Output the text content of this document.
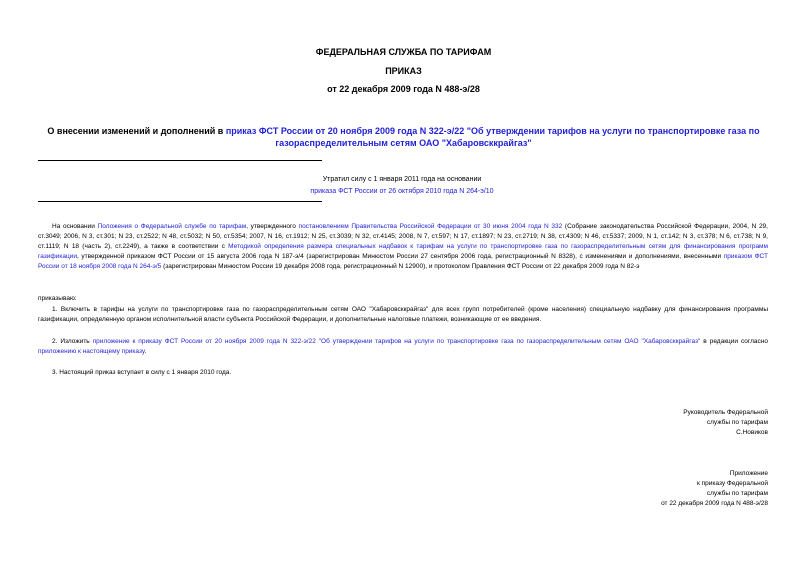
ФЕДЕРАЛЬНАЯ СЛУЖБА ПО ТАРИФАМ
ПРИКАЗ
от 22 декабря 2009 года N 488-э/28
О внесении изменений и дополнений в приказ ФСТ России от 20 ноября 2009 года N 322-э/22 "Об утверждении тарифов на услуги по транспортировке газа по газораспределительным сетям ОАО "Хабаровсккрайгаз"
Утратил силу с 1 января 2011 года на основании
приказа ФСТ России от 26 октября 2010 года N 264-э/10
На основании Положения о Федеральной службе по тарифам, утвержденного постановлением Правительства Российской Федерации от 30 июня 2004 года N 332 (Собрание законодательства Российской Федерации, 2004, N 29, ст.3049; 2006, N 3, ст.301; N 23, ст.2522; N 48, ст.5032; N 50, ст.5354; 2007, N 16, ст.1912; N 25, ст.3039; N 32, ст.4145; 2008, N 7, ст.597; N 17, ст.1897; N 23, ст.2719; N 38, ст.4309; N 46, ст.5337; 2009, N 1, ст.142; N 3, ст.378; N 6, ст.738; N 9, ст.1119; N 18 (часть 2), ст.2249), а также в соответствии с Методикой определения размера специальных надбавок к тарифам на услуги по транспортировке газа по газораспределительным сетям для финансирования программ газификации, утвержденной приказом ФСТ России от 15 августа 2006 года N 187-э/4 (зарегистрирован Минюстом России 27 сентября 2006 года, регистрационный N 8328), с изменениями и дополнениями, внесенными приказом ФСТ России от 18 ноября 2008 года N 264-э/5 (зарегистрирован Минюстом России 19 декабря 2008 года, регистрационный N 12900), и протоколом Правления ФСТ России от 22 декабря 2009 года N 82-э
приказываю:
1. Включить в тарифы на услуги по транспортировке газа по газораспределительным сетям ОАО "Хабаровсккрайгаз" для всех групп потребителей (кроме населения) специальную надбавку для финансирования программы газификации, определенную органом исполнительной власти субъекта Российской Федерации, и дополнительные налоговые платежи, возникающие от ее введения.
2. Изложить приложение к приказу ФСТ России от 20 ноября 2009 года N 322-э/22 "Об утверждении тарифов на услуги по транспортировке газа по газораспределительным сетям ОАО "Хабаровсккрайгаз" в редакции согласно приложению к настоящему приказу.
3. Настоящий приказ вступает в силу с 1 января 2010 года.
Руководитель Федеральной
службы по тарифам
С.Новиков
Приложение
к приказу Федеральной
службы по тарифам
от 22 декабря 2009 года N 488-э/28
